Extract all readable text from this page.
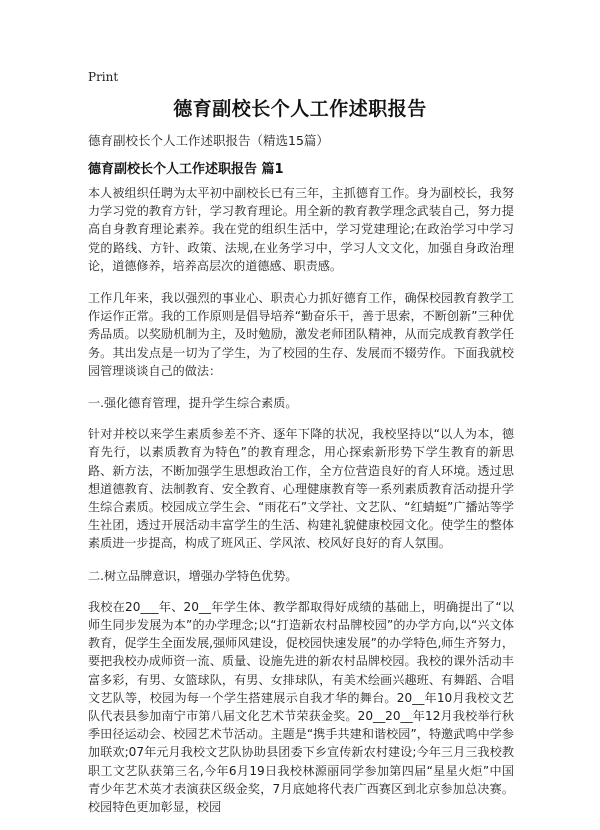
Print
德育副校长个人工作述职报告
德育副校长个人工作述职报告（精选15篇）
德育副校长个人工作述职报告 篇1

本人被组织任聘为太平初中副校长已有三年，主抓德育工作。身为副校长，我努力学习党的教育方针，学习教育理论。用全新的教育教学理念武装自己，努力提高自身教育理论素养。我在党的组织生活中，学习党建理论;在政治学习中学习党的路线、方针、政策、法规,在业务学习中，学习人文文化，加强自身政治理论，道德修养，培养高层次的道德感、职责感。

工作几年来，我以强烈的事业心、职责心力抓好德育工作，确保校园教育教学工作运作正常。我的工作原则是倡导培养“勤奋乐干，善于思索，不断创新”三种优秀品质。以奖励机制为主，及时勉励，激发老师团队精神，从而完成教育教学任务。其出发点是一切为了学生，为了校园的生存、发展而不辍劳作。下面我就校园管理谈谈自己的做法：

一.强化德育管理，提升学生综合素质。

针对并校以来学生素质参差不齐、逐年下降的状况，我校坚持以“以人为本，德育先行，以素质教育为特色”的教育理念，用心探索新形势下学生教育的新思路、新方法，不断加强学生思想政治工作，全方位营造良好的育人环境。透过思想道德教育、法制教育、安全教育、心理健康教育等一系列素质教育活动提升学生综合素质。校园成立学生会、“雨花石”文学社、文艺队、“红蜻蜓”广播站等学生社团，透过开展活动丰富学生的生活、构建礼貌健康校园文化。使学生的整体素质进一步提高，构成了班风正、学风浓、校风好良好的育人氛围。

二.树立品牌意识，增强办学特色优势。

我校在20___年、20__年学生体、教学都取得好成绩的基础上，明确提出了“以师生同步发展为本”的办学理念;以“打造新农村品牌校园”的办学方向,以“兴文体教育，促学生全面发展,强师风建设，促校园快速发展”的办学特色,师生齐努力，要把我校办成师资一流、质量、设施先进的新农村品牌校园。我校的课外活动丰富多彩，有男、女篮球队，有男、女排球队，有美术绘画兴趣班、有舞蹈、合唱文艺队等，校园为每一个学生搭建展示自我才华的舞台。20__年10月我校文艺队代表县参加南宁市第八届文化艺术节荣获金奖。20__20__年12月我校举行秋季田径运动会、校园艺术节活动。主题是“携手共建和谐校园”，特邀武鸣中学参加联欢;07年元月我校文艺队协助县团委下乡宣传新农村建设;今年三月三我校教职工文艺队获第三名,今年6月19日我校林源丽同学参加第四届“星星火炬”中国青少年艺术英才表演获区级金奖，7月底她将代表广西赛区到北京参加总决赛。校园特色更加彰显，校园
